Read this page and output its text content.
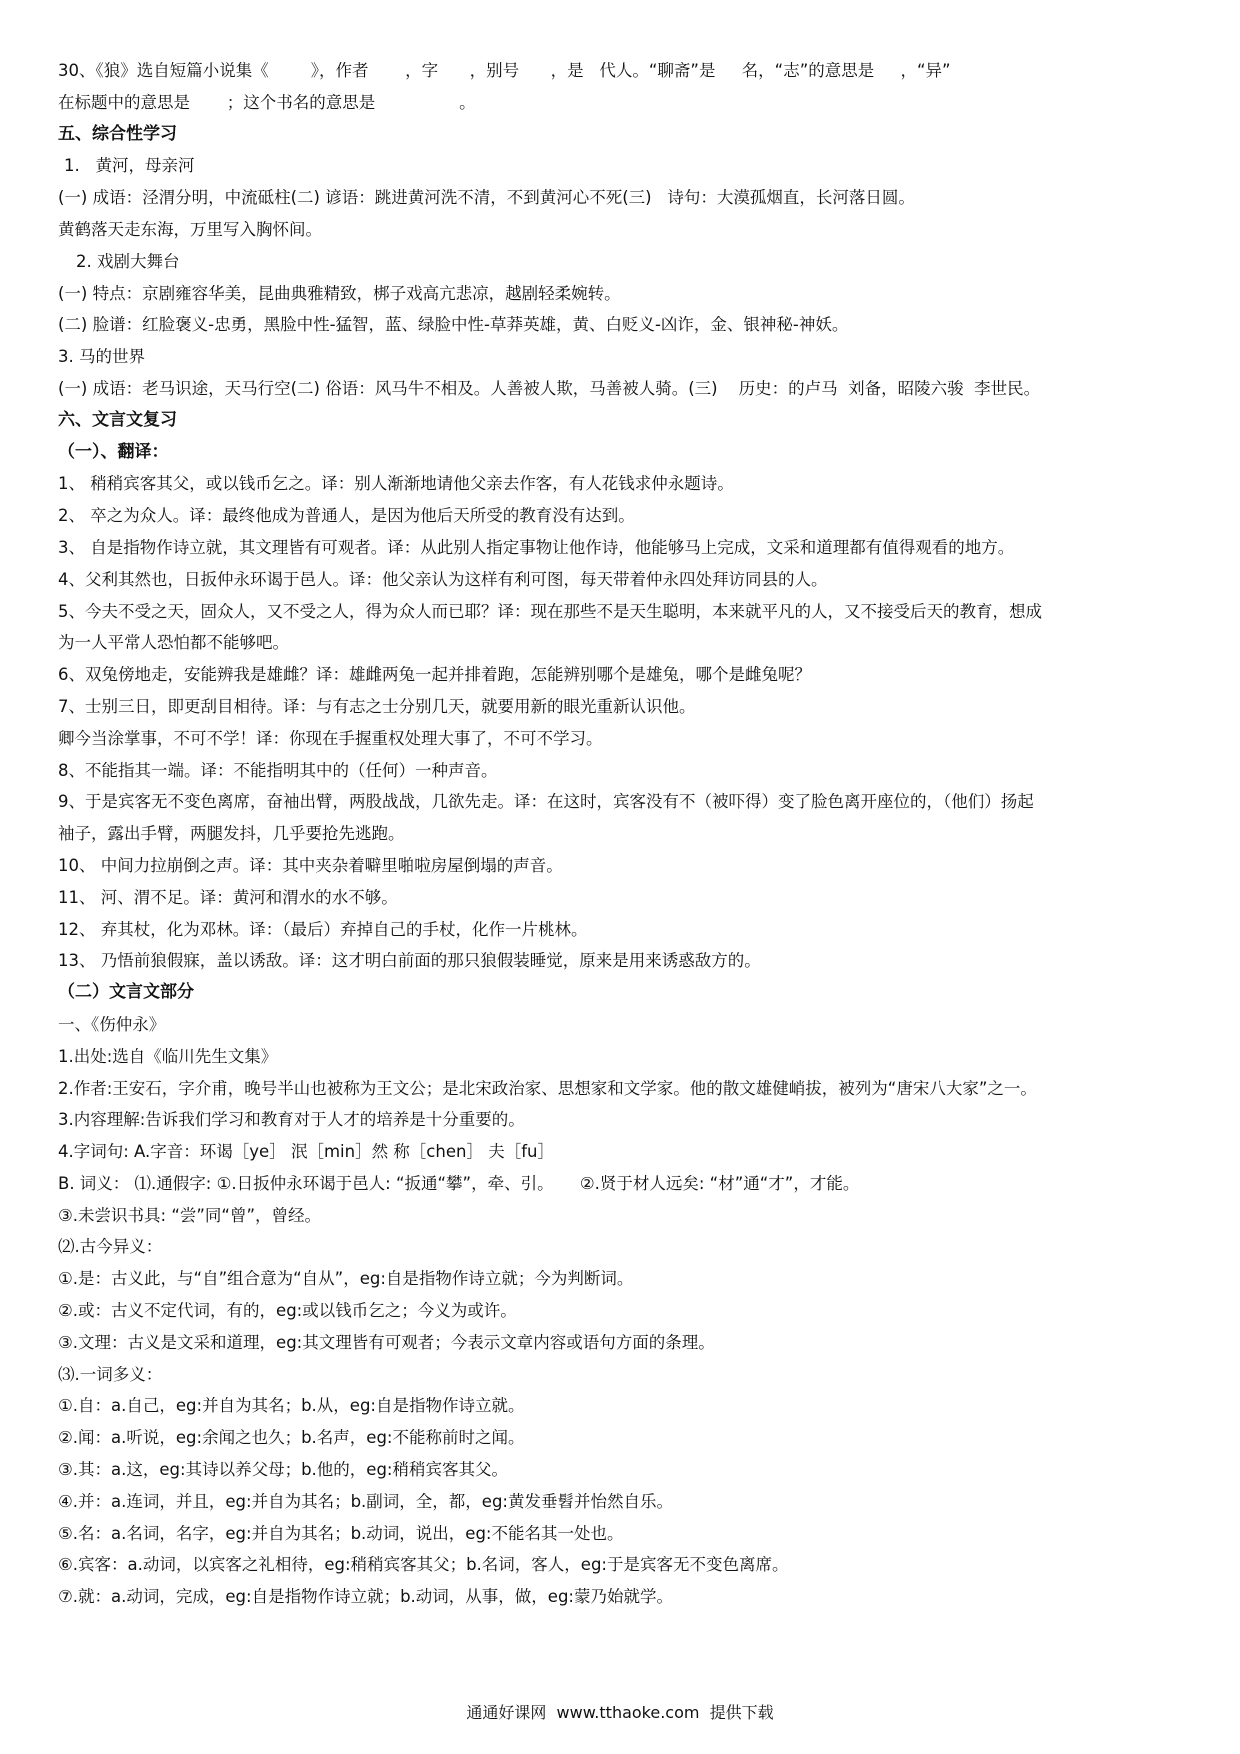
30、《狼》选自短篇小说集《        》，作者       ，字      ，别号      ，是   代人。“聊斋”是     名，“志”的意思是     ，“异”
在标题中的意思是       ；这个书名的意思是                。
五、综合性学习
1.   黄河，母亲河
(一) 成语：泾渭分明，中流砥柱(二) 谚语：跳进黄河洗不清，不到黄河心不死(三)   诗句：大漠孤烟直，长河落日圆。
黄鹤落天走东海，万里写入胸怀间。
2. 戏剧大舞台
(一) 特点：京剧雍容华美，昆曲典雅精致，梆子戏高亢悲凉，越剧轻柔婉转。
(二) 脸谱：红脸褒义-忠勇，黑脸中性-猛智，蓝、绿脸中性-草莽英雄，黄、白贬义-凶诈，金、银神秘-神妖。
3. 马的世界
(一) 成语：老马识途，天马行空(二) 俗语：风马牛不相及。人善被人欺，马善被人骑。(三)    历史：的卢马  刘备，昭陵六骏  李世民。
六、文言文复习
（一）、翻译：
1、 稍稍宾客其父，或以钱币乞之。译：别人渐渐地请他父亲去作客，有人花钱求仲永题诗。
2、 卒之为众人。译：最终他成为普通人，是因为他后天所受的教育没有达到。
3、 自是指物作诗立就，其文理皆有可观者。译：从此别人指定事物让他作诗，他能够马上完成，文采和道理都有值得观看的地方。
4、父利其然也，日扳仲永环谒于邑人。译：他父亲认为这样有利可图，每天带着仲永四处拜访同县的人。
5、今夫不受之天，固众人，又不受之人，得为众人而已耶？译：现在那些不是天生聪明，本来就平凡的人，又不接受后天的教育，想成
为一人平常人恐怕都不能够吧。
6、双兔傍地走，安能辨我是雄雌？译：雄雌两兔一起并排着跑，怎能辨别哪个是雄兔，哪个是雌兔呢？
7、士别三日，即更刮目相待。译：与有志之士分别几天，就要用新的眼光重新认识他。
卿今当涂掌事，不可不学！译：你现在手握重权处理大事了，不可不学习。
8、不能指其一端。译：不能指明其中的（任何）一种声音。
9、于是宾客无不变色离席，奋袖出臂，两股战战，几欲先走。译：在这时，宾客没有不（被吓得）变了脸色离开座位的，（他们）扬起
袖子，露出手臂，两腿发抖，几乎要抢先逃跑。
10、 中间力拉崩倒之声。译：其中夹杂着噼里啪啦房屋倒塌的声音。
11、 河、渭不足。译：黄河和渭水的水不够。
12、 弃其杖，化为邓林。译：（最后）弃掉自己的手杖，化作一片桃林。
13、 乃悟前狼假寐，盖以诱敌。译：这才明白前面的那只狼假装睡觉，原来是用来诱惑敌方的。
（二）文言文部分
一、《伤仲永》
1.出处:选自《临川先生文集》
2.作者:王安石，字介甫，晚号半山也被称为王文公；是北宋政治家、思想家和文学家。他的散文雄健峭拔，被列为“唐宋八大家”之一。
3.内容理解:告诉我们学习和教育对于人才的培养是十分重要的。
4.字词句: A.字音：环谒［ye］ 泯［min］然 称［chen］ 夫［fu］
B. 词义： ⑴.通假字: ①.日扳仲永环谒于邑人: “扳通“攀”，牵、引。     ②.贤于材人远矣: “材”通“才”，才能。
③.未尝识书具: “尝”同“曾”，曾经。
⑵.古今异义：
①.是：古义此，与“自”组合意为“自从”，eg:自是指物作诗立就；今为判断词。
②.或：古义不定代词，有的，eg:或以钱币乞之；今义为或许。
③.文理：古义是文采和道理，eg:其文理皆有可观者；今表示文章内容或语句方面的条理。
⑶.一词多义：
①.自：a.自己，eg:并自为其名；b.从，eg:自是指物作诗立就。
②.闻：a.听说，eg:余闻之也久；b.名声，eg:不能称前时之闻。
③.其：a.这，eg:其诗以养父母；b.他的，eg:稍稍宾客其父。
④.并：a.连词，并且，eg:并自为其名；b.副词，全，都，eg:黄发垂髫并怡然自乐。
⑤.名：a.名词，名字，eg:并自为其名；b.动词，说出，eg:不能名其一处也。
⑥.宾客：a.动词，以宾客之礼相待，eg:稍稍宾客其父；b.名词，客人，eg:于是宾客无不变色离席。
⑦.就：a.动词，完成，eg:自是指物作诗立就；b.动词，从事，做，eg:蒙乃始就学。
通通好课网  www.tthaoke.com  提供下载
